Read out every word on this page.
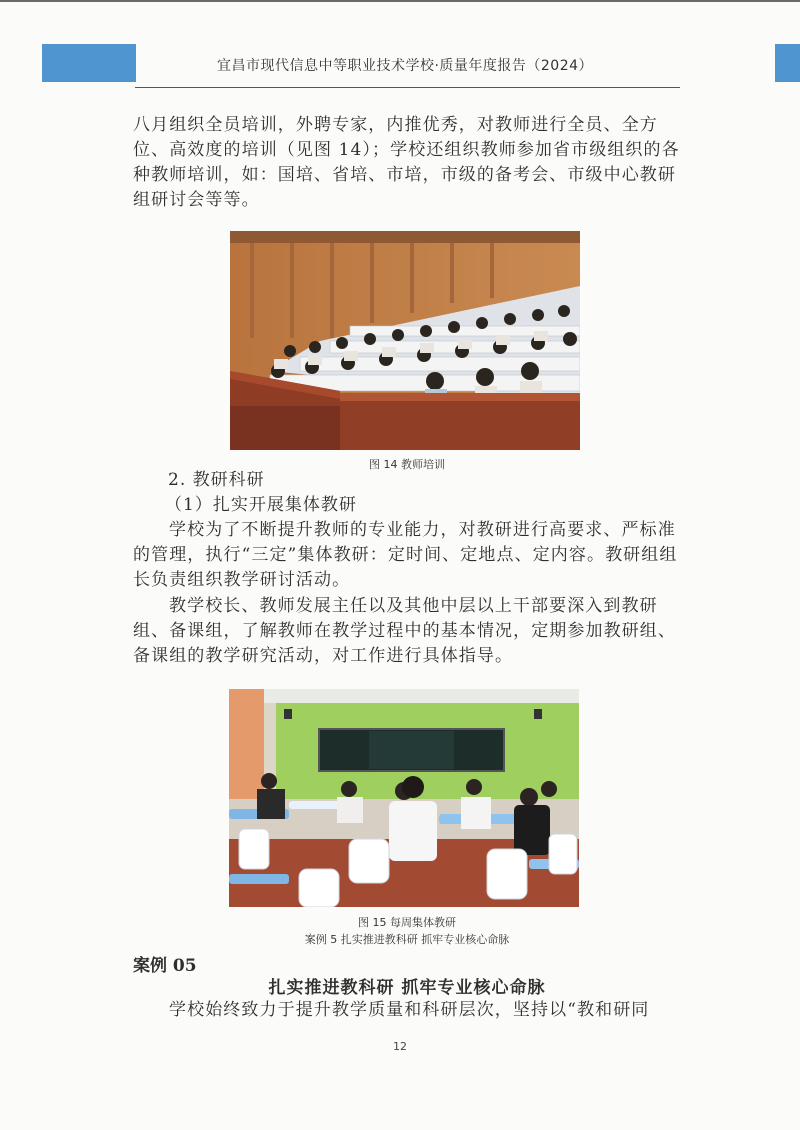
宜昌市现代信息中等职业技术学校·质量年度报告（2024）

八月组织全员培训，外聘专家，内推优秀，对教师进行全员、全方位、高效度的培训（见图 14）；学校还组织教师参加省市级组织的各种教师培训，如：国培、省培、市培，市级的备考会、市级中心教研组研讨会等等。

图 14 教师培训
2. 教研科研
（1）扎实开展集体教研

学校为了不断提升教师的专业能力，对教研进行高要求、严标准的管理，执行“三定”集体教研：定时间、定地点、定内容。教研组组长负责组织教学研讨活动。

教学校长、教师发展主任以及其他中层以上干部要深入到教研组、备课组，了解教师在教学过程中的基本情况，定期参加教研组、备课组的教学研究活动，对工作进行具体指导。

图 15 每周集体教研
案例 5 扎实推进教科研 抓牢专业核心命脉
案例 05
扎实推进教科研 抓牢专业核心命脉

学校始终致力于提升教学质量和科研层次，坚持以“教和研同

12
